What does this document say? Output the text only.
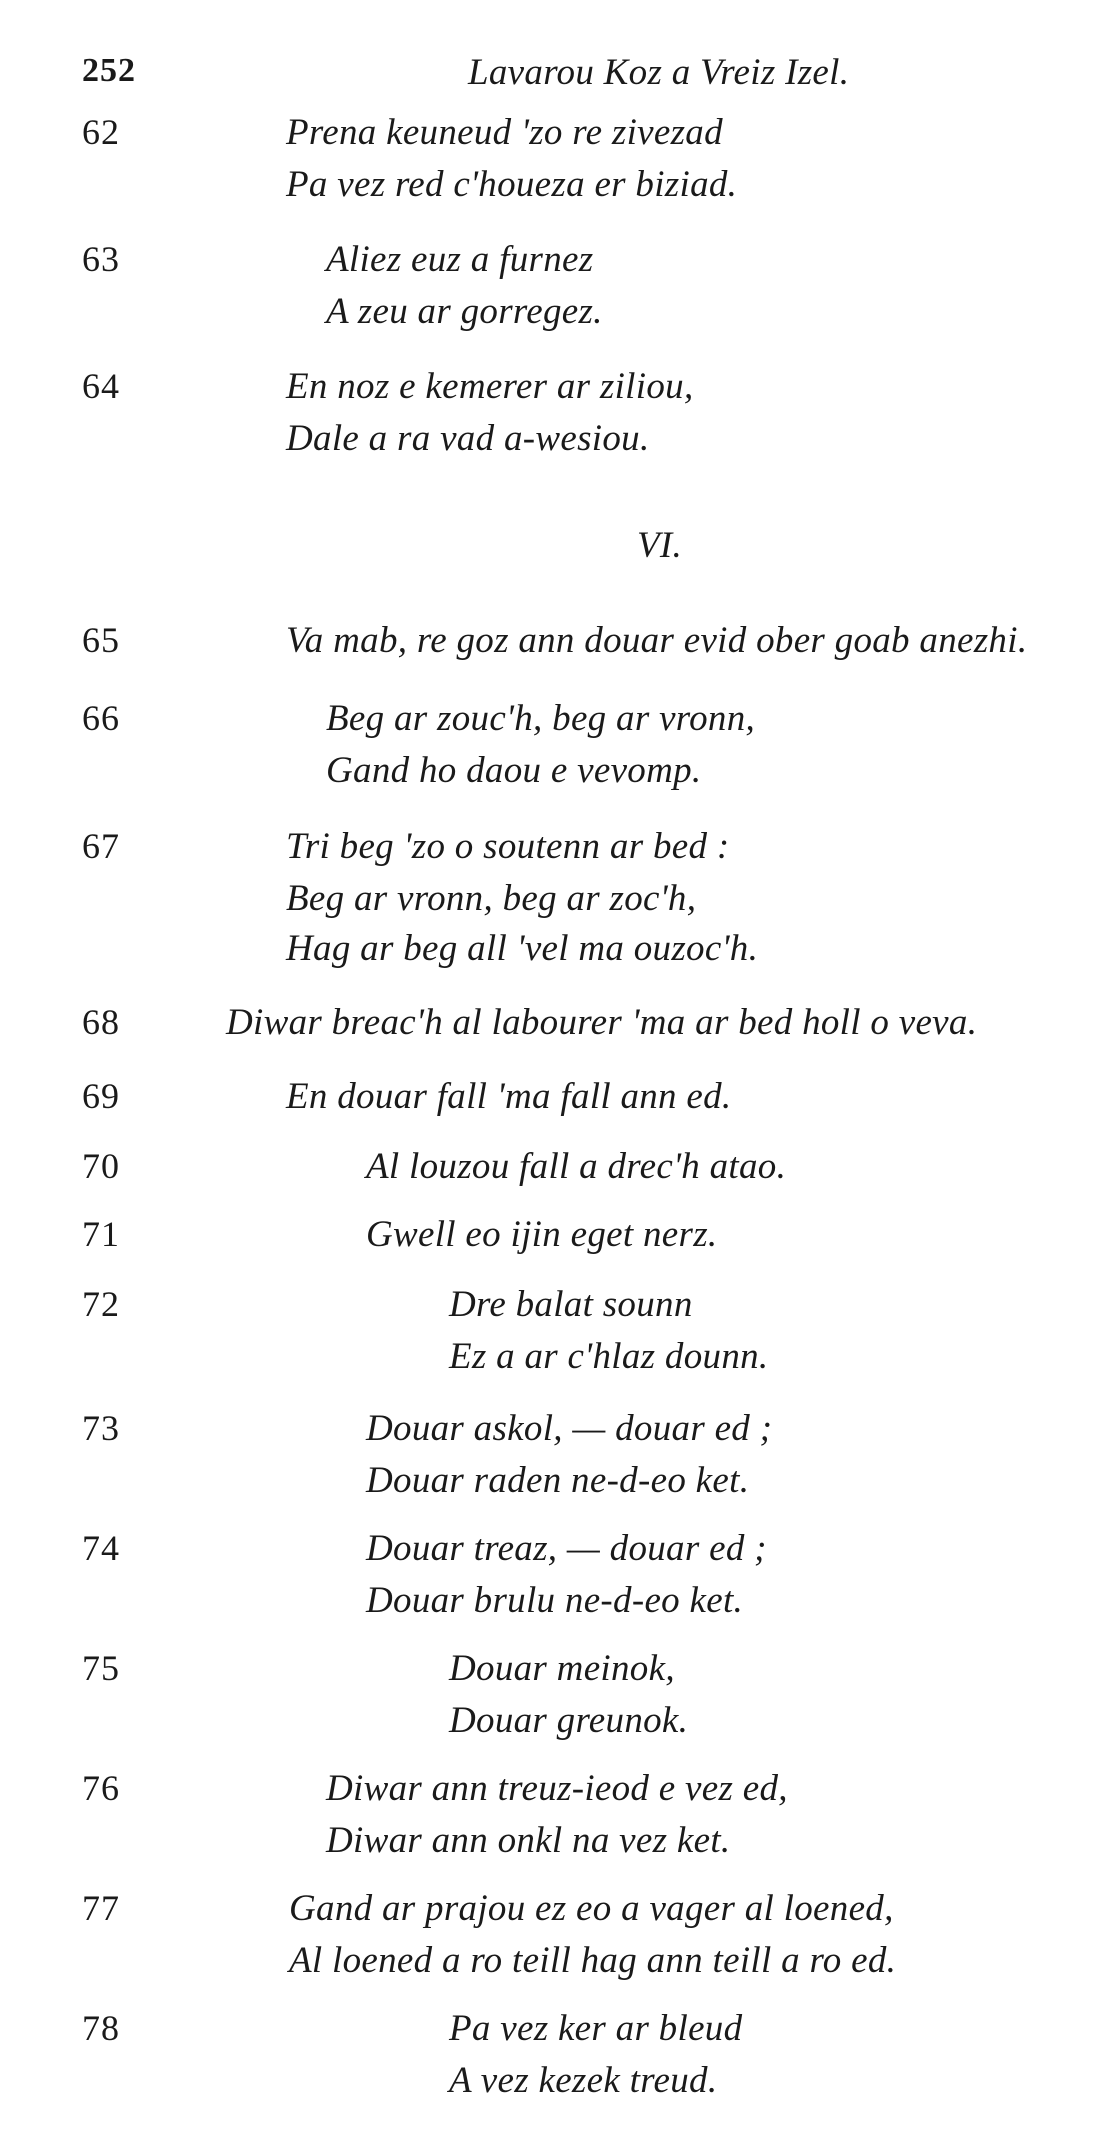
252	Lavarou Koz a Vreiz Izel.
62	Prena keuneud 'zo re zivezad
Pa vez red c'houeza er biziad.
63	Aliez euz a furnez
A zeu ar gorregez.
64	En noz e kemerer ar ziliou,
Dale a ra vad a-wesiou.
VI.
65	Va mab, re goz ann douar evid ober goab anezhi.
66	Beg ar zouc'h, beg ar vronn,
Gand ho daou e vevomp.
67	Tri beg 'zo o soutenn ar bed :
Beg ar vronn, beg ar zoc'h,
Hag ar beg all 'vel ma ouzoc'h.
68	Diwar breac'h al labourer 'ma ar bed holl o veva.
69	En douar fall 'ma fall ann ed.
70	Al louzou fall a drec'h atao.
71	Gwell eo ijin eget nerz.
72	Dre balat sounn
Ez a ar c'hlaz dounn.
73	Douar askol, — douar ed ;
Douar raden ne-d-eo ket.
74	Douar treaz, — douar ed ;
Douar brulu ne-d-eo ket.
75	Douar meinok,
Douar greunok.
76	Diwar ann treuz-ieod e vez ed,
Diwar ann onkl na vez ket.
77	Gand ar prajou ez eo a vager al loened,
Al loened a ro teill hag ann teill a ro ed.
78	Pa vez ker ar bleud
A vez kezek treud.
